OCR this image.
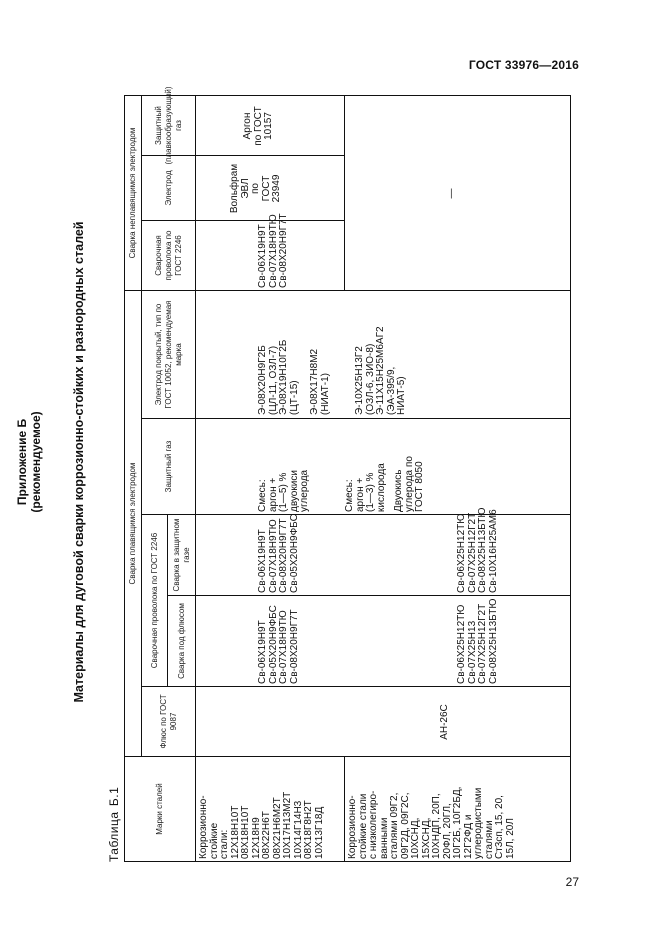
ГОСТ 33976—2016
27
Приложение Б (рекомендуемое) Материалы для дуговой сварки коррозионно-стойких и разнородных сталей
Таблица Б.1	Марки сталей
Сварка плавящимся электродом
Сварка неплавящимся электродом
Флюс по ГОСТ 9087
Сварочная проволока по ГОСТ 2246	Сварка под флюсом
Сварка в защитном газе
Защитный газ
Электрод покрытый, тип по ГОСТ 10052, рекомендуемая марка
Сварочная проволока по ГОСТ 2246
Электрод
Защитный (плавкообразующий) газ
Коррозионно- стойкие стали: 12Х18Н10Т 08Х18Н10Т 12Х18Н9 08Х22Н6Т 08Х21Н6М2Т 10Х17Н13М2Т 10Х14Г14Н3 08Х18Г8Н2Т 10Х13Г18Д
Св-06Х19Н9Т Св-05Х20Н9ФБС Св-07Х18Н9ТЮ Св-08Х20Н9Г7Т
Св-06Х19Н9Т Св-07Х18Н9ТЮ Св-08Х20Н9Г7Т Св-05Х20Н9ФБС
Смесь: аргон + (1—5) % двуокиси углерода
Э-08Х20Н9Г2Б (ЦЛ-11, ОЗЛ-7) Э-08Х19Н10Г2Б (ЦТ-15) Э-08Х17Н8М2 (НИАТ-1)
Св-06Х19Н9Т Св-07Х18Н9ТЮ Св-08Х20Н9Г7Т
Вольфрам ЭВЛ по ГОСТ 23949
Аргон по ГОСТ 10157
Коррозионно- стойкие стали с низколегиро- ванными сталями 09Г2, 09Г2Д, 09Г2С, 10ХСНД, 15ХСНД, 10ХНДП, 20П, 20ФЛ, 20ГЛ, 10Г2Б, 10Г2БД, 12Г2ФД и углеродистыми сталями Ст3сп, 15, 20, 15Л, 20Л
АН-26С
Св-06Х25Н12ТЮ Св-07Х25Н13 Св-07Х25Н12Г2Т Св-08Х25Н13БТЮ
Св-06Х25Н12ТЮ Св-07Х25Н12Г2Т Св-08Х25Н13БТЮ Св-10Х16Н25АМ6
Смесь: аргон + (1—3) % кислорода Двуокись углерода по ГОСТ 8050
Э-10Х25Н13Г2 (ОЗЛ-6, ЗИО-8) Э-11Х15Н25М6АГ2 (ЭА-395/9, НИАТ-5)
—
